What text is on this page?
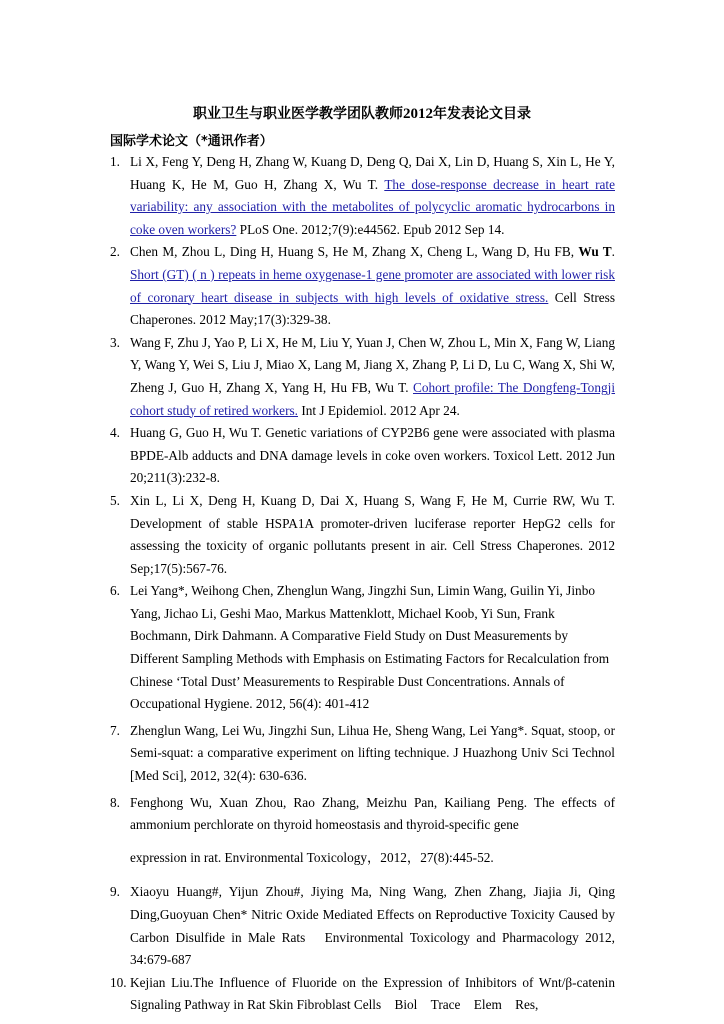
职业卫生与职业医学教学团队教师2012年发表论文目录
国际学术论文（*通讯作者）
1. Li X, Feng Y, Deng H, Zhang W, Kuang D, Deng Q, Dai X, Lin D, Huang S, Xin L, He Y, Huang K, He M, Guo H, Zhang X, Wu T. The dose-response decrease in heart rate variability: any association with the metabolites of polycyclic aromatic hydrocarbons in coke oven workers? PLoS One. 2012;7(9):e44562. Epub 2012 Sep 14.
2. Chen M, Zhou L, Ding H, Huang S, He M, Zhang X, Cheng L, Wang D, Hu FB, Wu T. Short (GT) ( n ) repeats in heme oxygenase-1 gene promoter are associated with lower risk of coronary heart disease in subjects with high levels of oxidative stress. Cell Stress Chaperones. 2012 May;17(3):329-38.
3. Wang F, Zhu J, Yao P, Li X, He M, Liu Y, Yuan J, Chen W, Zhou L, Min X, Fang W, Liang Y, Wang Y, Wei S, Liu J, Miao X, Lang M, Jiang X, Zhang P, Li D, Lu C, Wang X, Shi W, Zheng J, Guo H, Zhang X, Yang H, Hu FB, Wu T. Cohort profile: The Dongfeng-Tongji cohort study of retired workers. Int J Epidemiol. 2012 Apr 24.
4. Huang G, Guo H, Wu T. Genetic variations of CYP2B6 gene were associated with plasma BPDE-Alb adducts and DNA damage levels in coke oven workers. Toxicol Lett. 2012 Jun 20;211(3):232-8.
5. Xin L, Li X, Deng H, Kuang D, Dai X, Huang S, Wang F, He M, Currie RW, Wu T. Development of stable HSPA1A promoter-driven luciferase reporter HepG2 cells for assessing the toxicity of organic pollutants present in air. Cell Stress Chaperones. 2012 Sep;17(5):567-76.
6. Lei Yang*, Weihong Chen, Zhenglun Wang, Jingzhi Sun, Limin Wang, Guilin Yi, Jinbo Yang, Jichao Li, Geshi Mao, Markus Mattenklott, Michael Koob, Yi Sun, Frank Bochmann, Dirk Dahmann. A Comparative Field Study on Dust Measurements by Different Sampling Methods with Emphasis on Estimating Factors for Recalculation from Chinese ‘Total Dust’ Measurements to Respirable Dust Concentrations. Annals of Occupational Hygiene. 2012, 56(4): 401-412
7. Zhenglun Wang, Lei Wu, Jingzhi Sun, Lihua He, Sheng Wang, Lei Yang*. Squat, stoop, or Semi-squat: a comparative experiment on lifting technique. J Huazhong Univ Sci Technol [Med Sci], 2012, 32(4): 630-636.
8. Fenghong Wu, Xuan Zhou, Rao Zhang, Meizhu Pan, Kailiang Peng. The effects of ammonium perchlorate on thyroid homeostasis and thyroid-specific gene
expression in rat. Environmental Toxicology，2012，27(8):445-52.
9. Xiaoyu Huang#, Yijun Zhou#, Jiying Ma, Ning Wang, Zhen Zhang, Jiajia Ji, Qing Ding,Guoyuan Chen* Nitric Oxide Mediated Effects on Reproductive Toxicity Caused by Carbon Disulfide in Male Rats　Environmental Toxicology and Pharmacology 2012, 34:679-687
10. Kejian Liu.The Influence of Fluoride on the Expression of Inhibitors of Wnt/β-catenin Signaling Pathway in Rat Skin Fibroblast Cells　Biol　Trace　Elem　Res,
